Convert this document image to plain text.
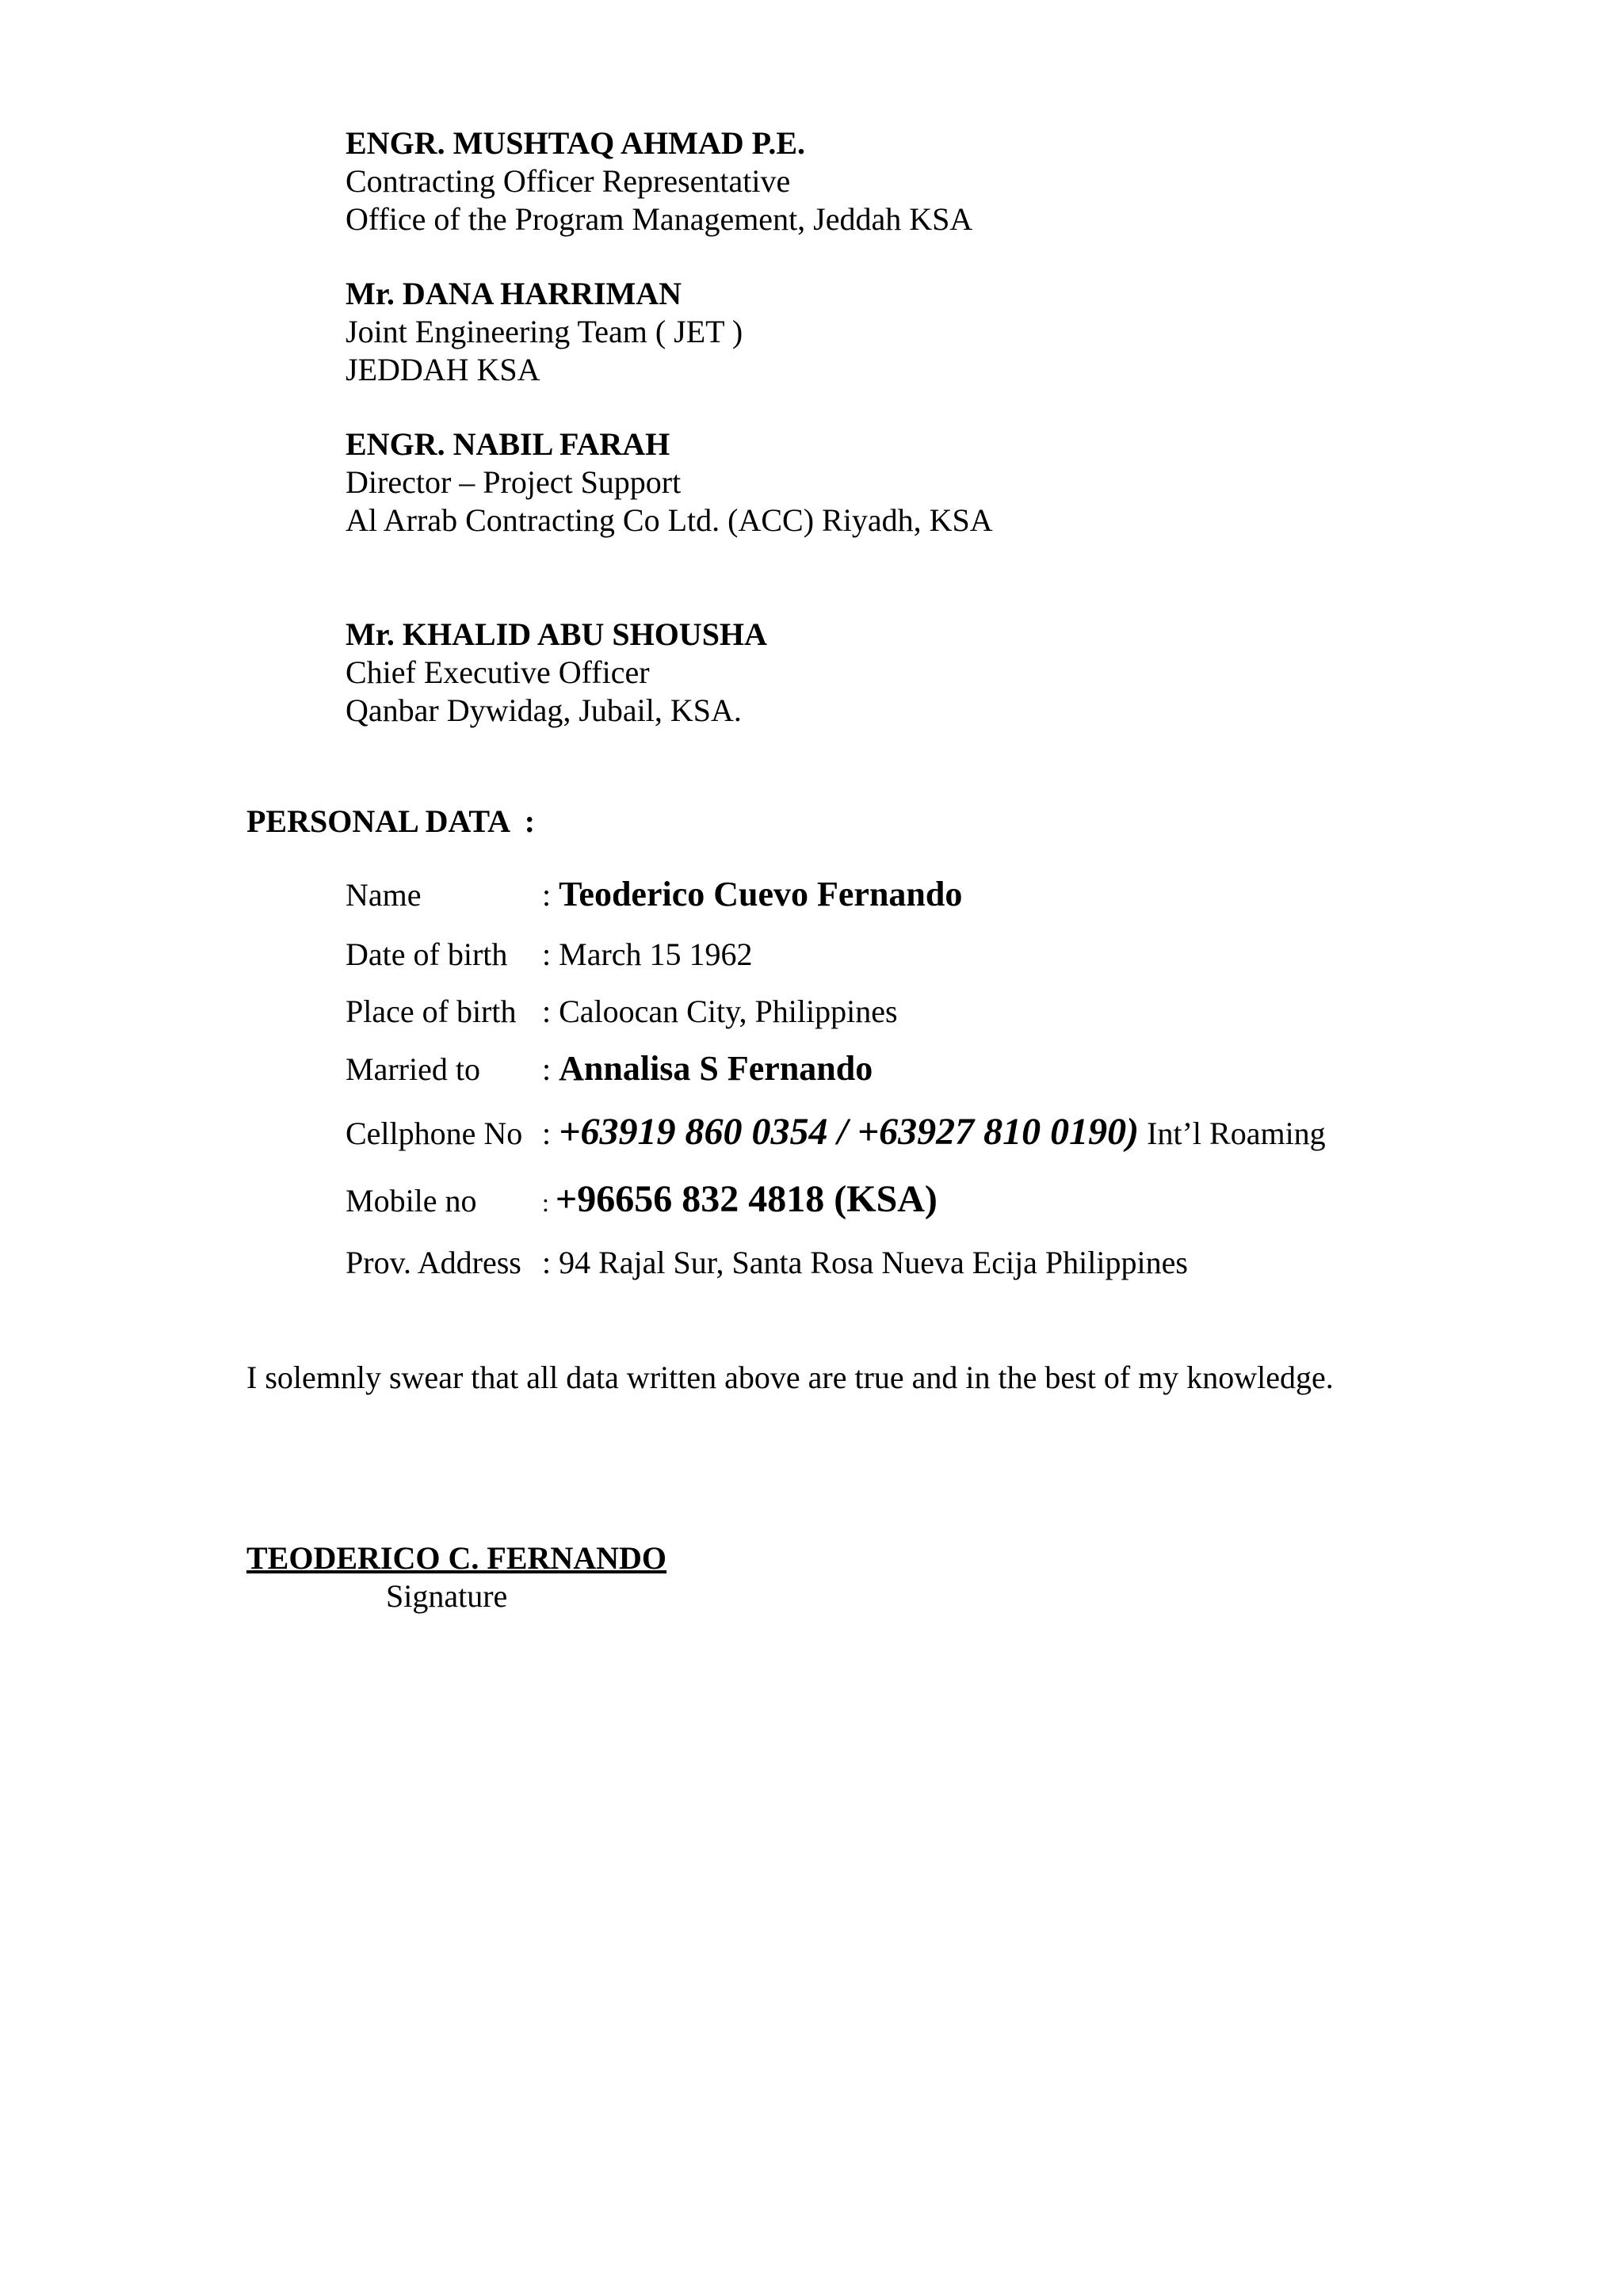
ENGR. MUSHTAQ AHMAD P.E.
Contracting Officer Representative
Office of the Program Management, Jeddah KSA
Mr. DANA HARRIMAN
Joint Engineering Team ( JET )
JEDDAH KSA
ENGR. NABIL FARAH
Director – Project Support
Al Arrab Contracting Co Ltd. (ACC) Riyadh, KSA
Mr. KHALID ABU SHOUSHA
Chief Executive Officer
Qanbar Dywidag, Jubail, KSA.
PERSONAL DATA  :
Name	: Teoderico Cuevo Fernando
Date of birth : March 15 1962
Place of birth : Caloocan City, Philippines
Married to : Annalisa S Fernando
Cellphone No : +63919 860 0354 / +63927 810 0190) Int’l Roaming
Mobile no	: +96656 832 4818 (KSA)
Prov. Address : 94 Rajal Sur, Santa Rosa Nueva Ecija Philippines
I solemnly swear that all data written above are true and in the best of my knowledge.
TEODERICO C. FERNANDO
Signature
